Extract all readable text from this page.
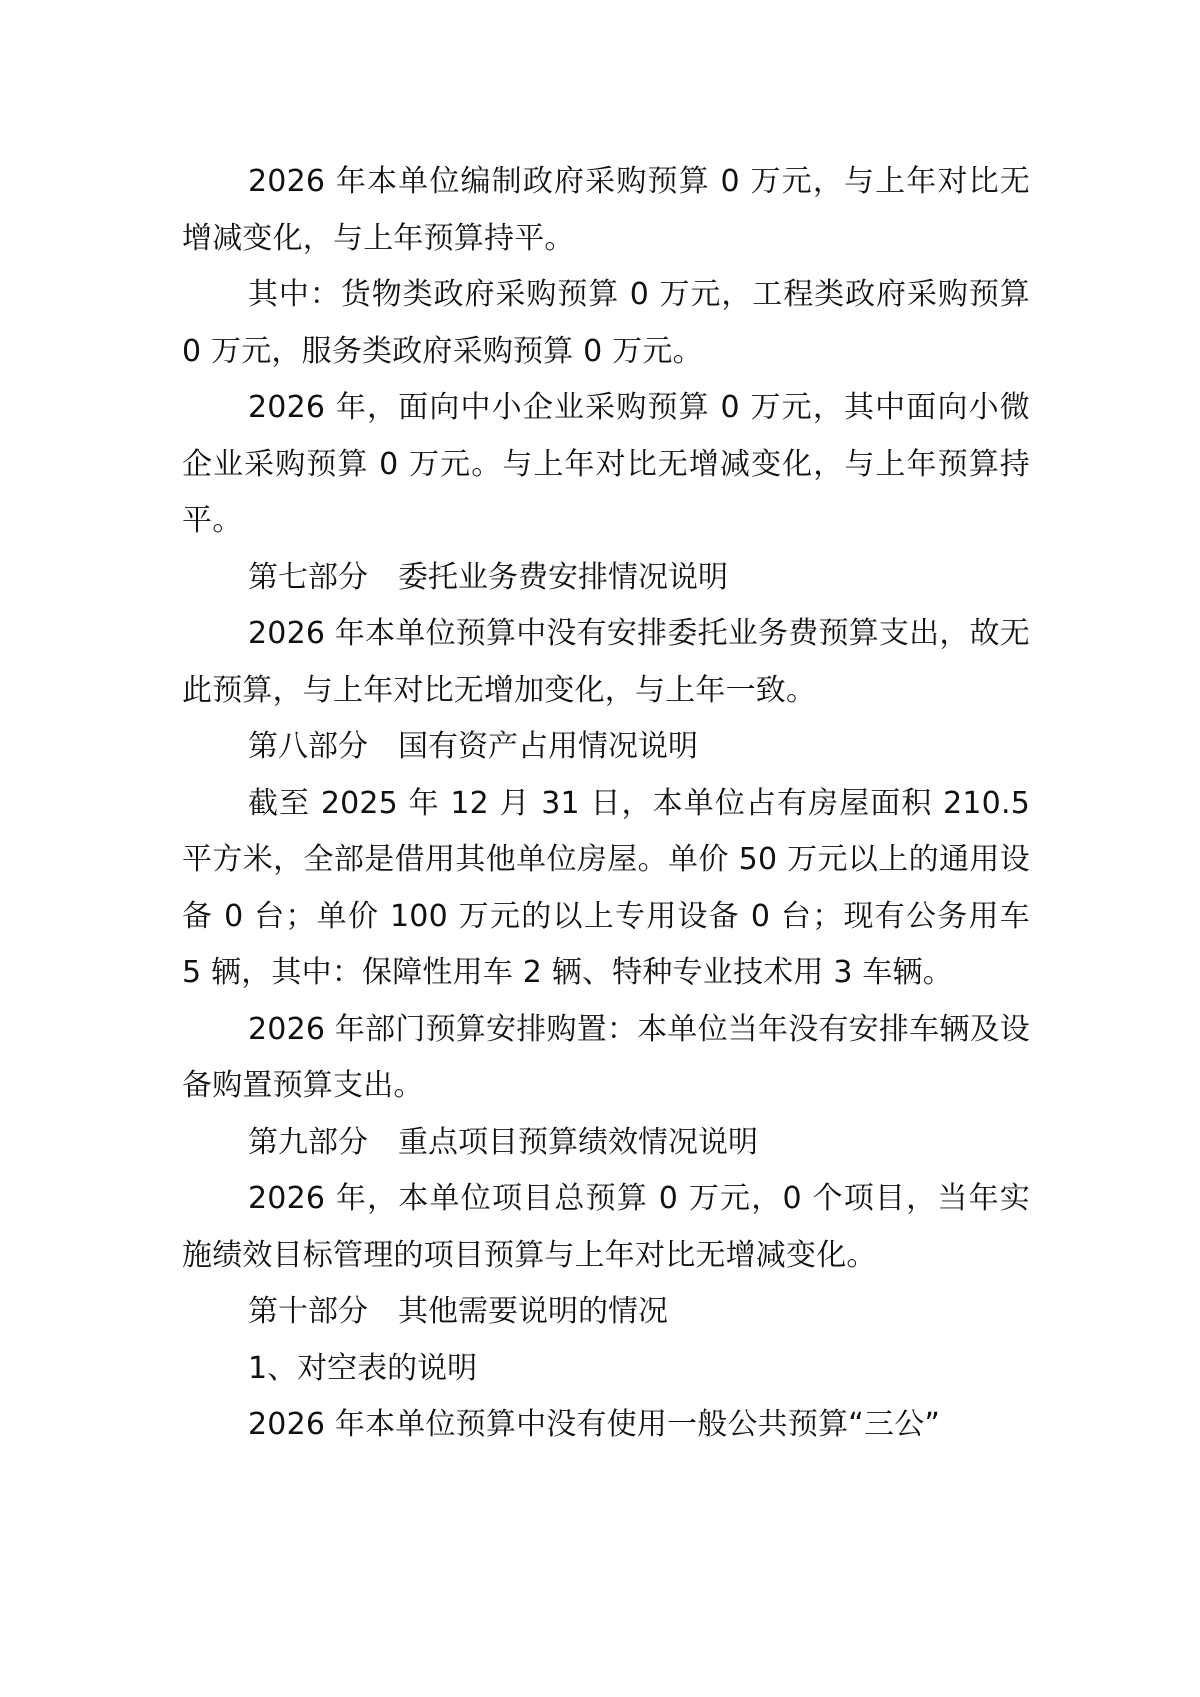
2026 年本单位编制政府采购预算 0 万元，与上年对比无增减变化，与上年预算持平。

其中：货物类政府采购预算 0 万元，工程类政府采购预算 0 万元，服务类政府采购预算 0 万元。

2026 年，面向中小企业采购预算 0 万元，其中面向小微企业采购预算 0 万元。与上年对比无增减变化，与上年预算持平。

第七部分　委托业务费安排情况说明

2026 年本单位预算中没有安排委托业务费预算支出，故无此预算，与上年对比无增加变化，与上年一致。

第八部分　国有资产占用情况说明

截至 2025 年 12 月 31 日，本单位占有房屋面积 210.5 平方米，全部是借用其他单位房屋。单价 50 万元以上的通用设备 0 台；单价 100 万元的以上专用设备 0 台；现有公务用车 5 辆，其中：保障性用车 2 辆、特种专业技术用 3 车辆。

2026 年部门预算安排购置：本单位当年没有安排车辆及设备购置预算支出。

第九部分　重点项目预算绩效情况说明

2026 年，本单位项目总预算 0 万元，0 个项目，当年实施绩效目标管理的项目预算与上年对比无增减变化。

第十部分　其他需要说明的情况

1、对空表的说明

2026 年本单位预算中没有使用一般公共预算“三公”
